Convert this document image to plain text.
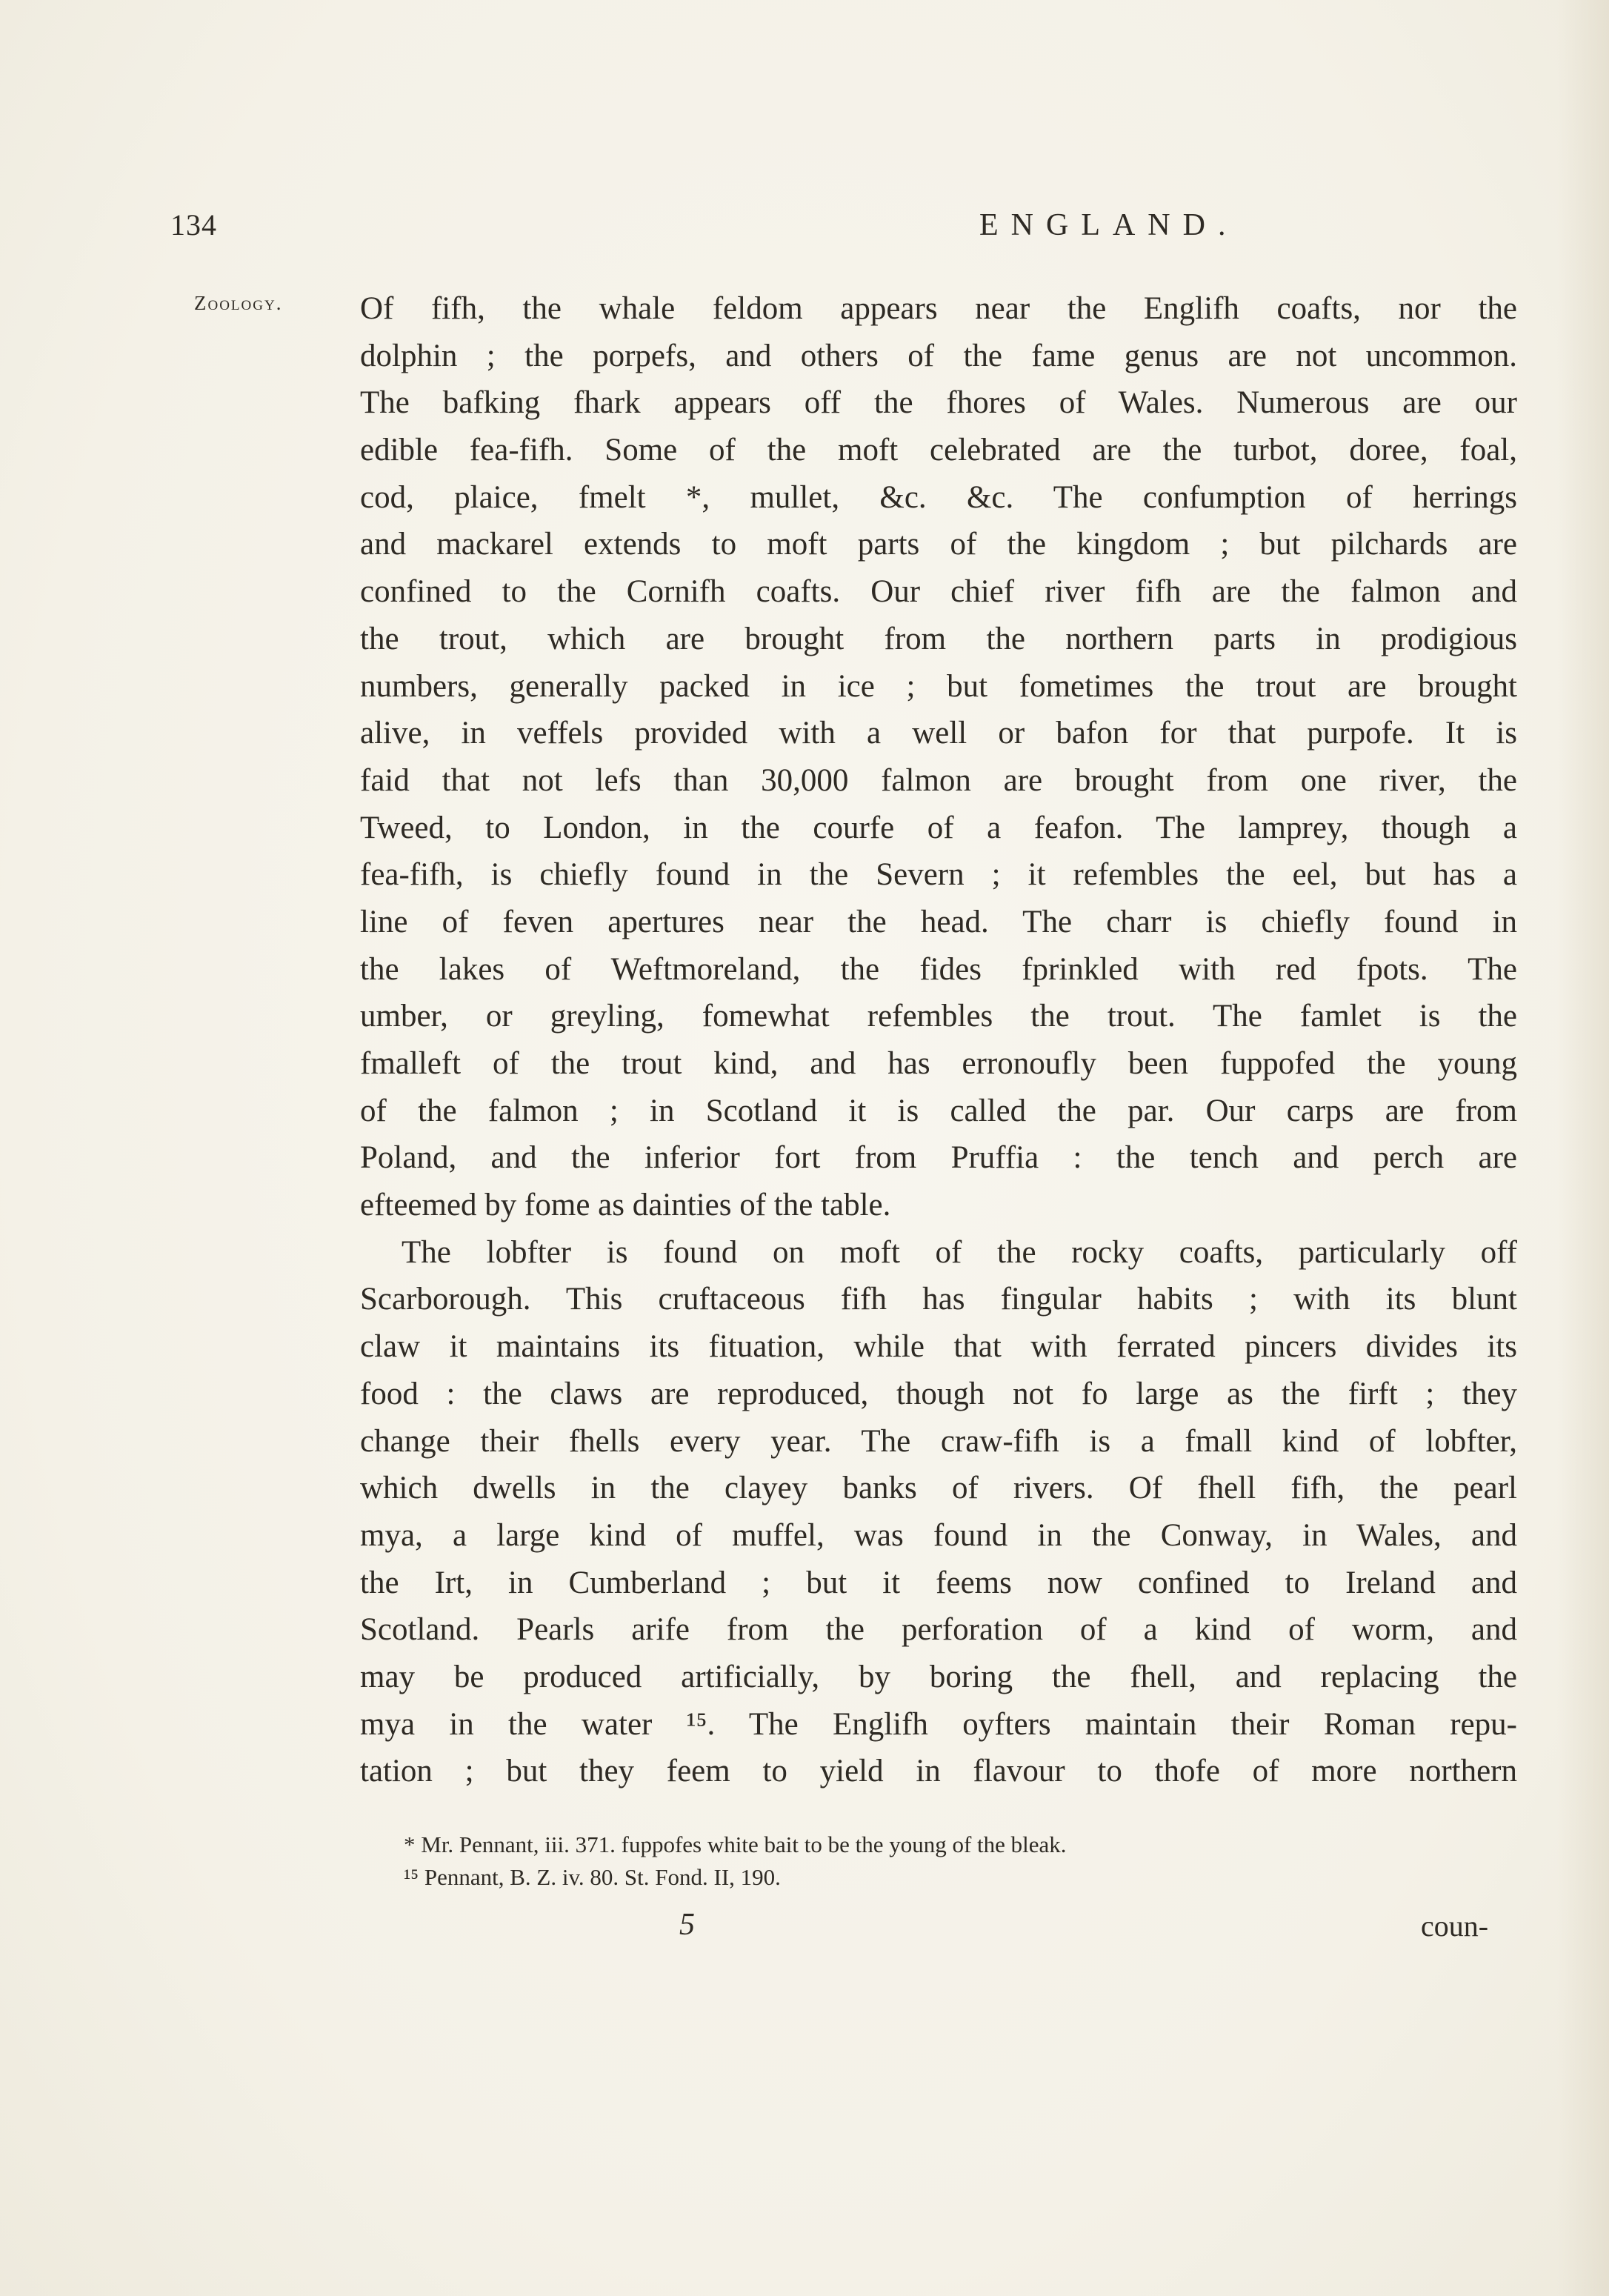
134	ENGLAND.
Zoology. Of fifh, the whale feldom appears near the Englifh coafts, nor the
dolphin ; the porpefs, and others of the fame genus are not uncommon.
The bafking fhark appears off the fhores of Wales. Numerous are our
edible fea-fifh. Some of the moft celebrated are the turbot, doree, foal,
cod, plaice, fmelt *, mullet, &c. &c. The confumption of herrings
and mackarel extends to moft parts of the kingdom ; but pilchards are
confined to the Cornifh coafts. Our chief river fifh are the falmon and
the trout, which are brought from the northern parts in prodigious
numbers, generally packed in ice ; but fometimes the trout are brought
alive, in veffels provided with a well or bafon for that purpofe. It is
faid that not lefs than 30,000 falmon are brought from one river, the
Tweed, to London, in the courfe of a feafon. The lamprey, though a
fea-fifh, is chiefly found in the Severn ; it refembles the eel, but has a
line of feven apertures near the head. The charr is chiefly found in
the lakes of Weftmoreland, the fides fprinkled with red fpots. The
umber, or greyling, fomewhat refembles the trout. The famlet is the
fmalleft of the trout kind, and has erronoufly been fuppofed the young
of the falmon ; in Scotland it is called the par. Our carps are from
Poland, and the inferior fort from Pruffia : the tench and perch are
efteemed by fome as dainties of the table.
The lobfter is found on moft of the rocky coafts, particularly off
Scarborough. This cruftaceous fifh has fingular habits ; with its blunt
claw it maintains its fituation, while that with ferrated pincers divides its
food : the claws are reproduced, though not fo large as the firft ; they
change their fhells every year. The craw-fifh is a fmall kind of lobfter,
which dwells in the clayey banks of rivers. Of fhell fifh, the pearl
mya, a large kind of muffel, was found in the Conway, in Wales, and
the Irt, in Cumberland ; but it feems now confined to Ireland and
Scotland. Pearls arife from the perforation of a kind of worm, and
may be produced artificially, by boring the fhell, and replacing the
mya in the water ¹⁵. The Englifh oyfters maintain their Roman repu-
tation ; but they feem to yield in flavour to thofe of more northern
* Mr. Pennant, iii. 371. fuppofes white bait to be the young of the bleak.
¹⁵ Pennant, B. Z. iv. 80. St. Fond. II, 190.
5	coun-
